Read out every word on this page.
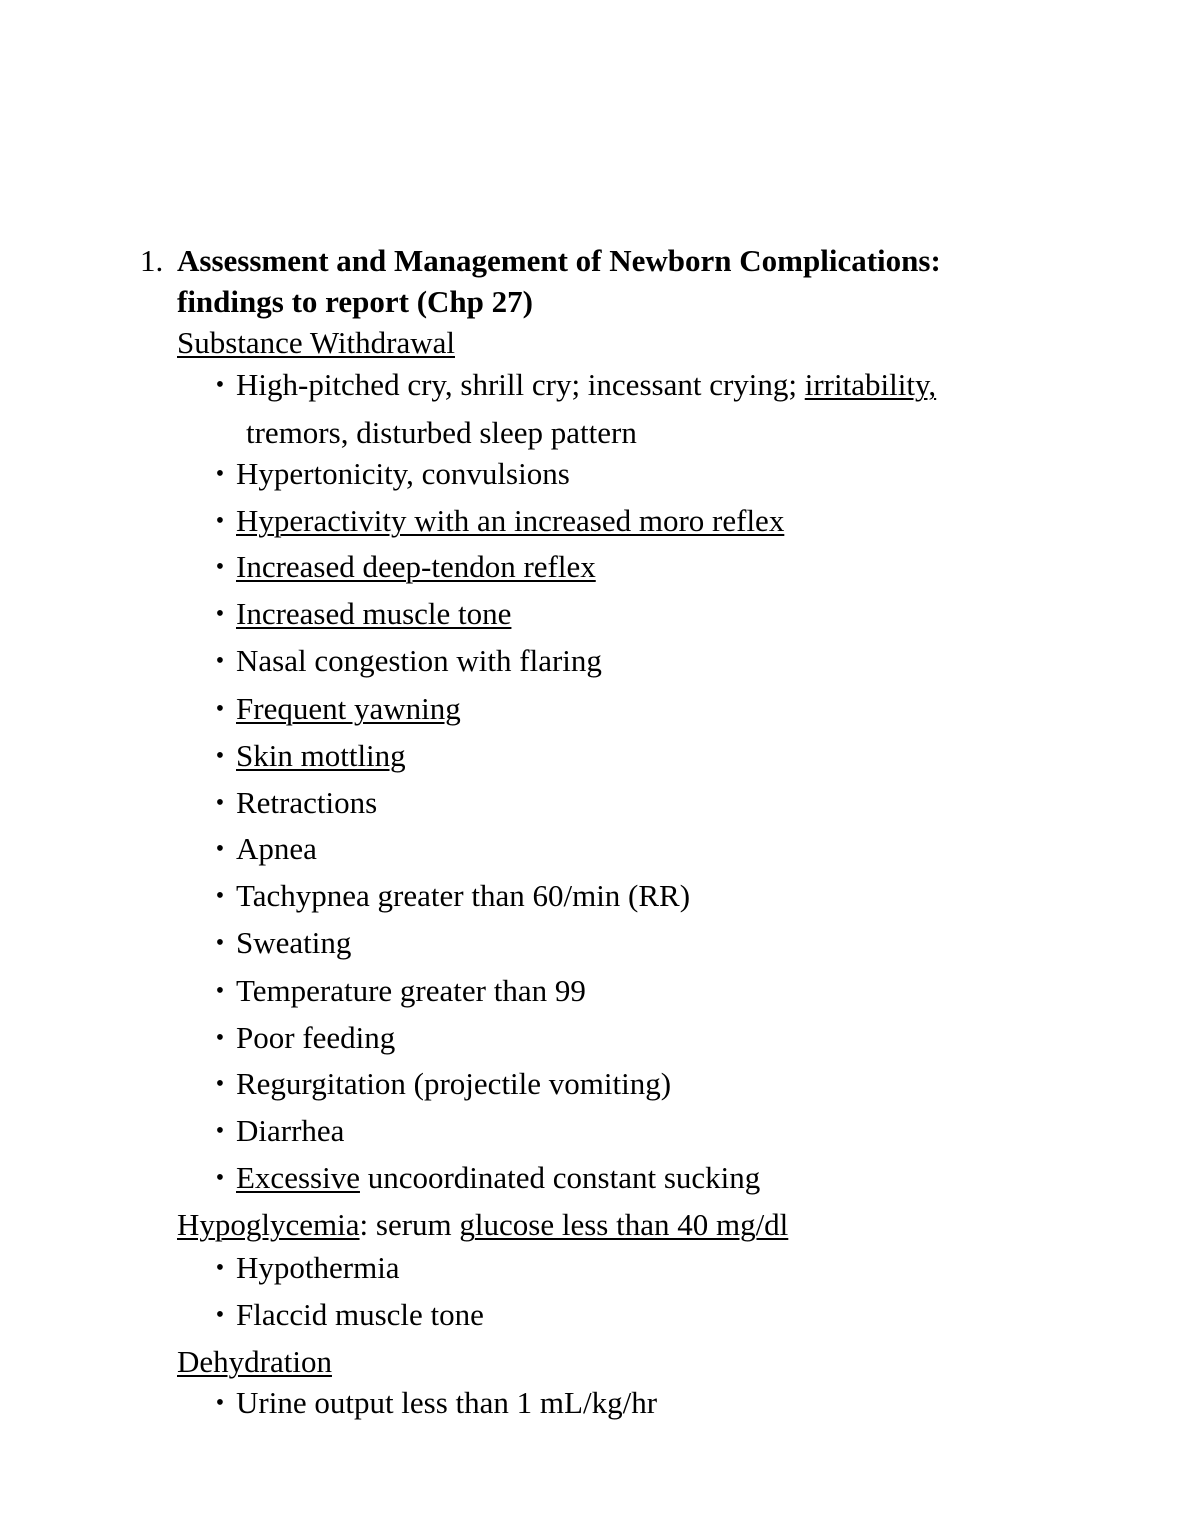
1. Assessment and Management of Newborn Complications:
findings to report (Chp 27)
Substance Withdrawal
• High-pitched cry, shrill cry; incessant crying; irritability,
tremors, disturbed sleep pattern
• Hypertonicity, convulsions
• Hyperactivity with an increased moro reflex
• Increased deep-tendon reflex
• Increased muscle tone
• Nasal congestion with flaring
• Frequent yawning
• Skin mottling
• Retractions
• Apnea
• Tachypnea greater than 60/min (RR)
• Sweating
• Temperature greater than 99
• Poor feeding
• Regurgitation (projectile vomiting)
• Diarrhea
• Excessive uncoordinated constant sucking
Hypoglycemia: serum glucose less than 40 mg/dl
• Hypothermia
• Flaccid muscle tone
Dehydration
• Urine output less than 1 mL/kg/hr
